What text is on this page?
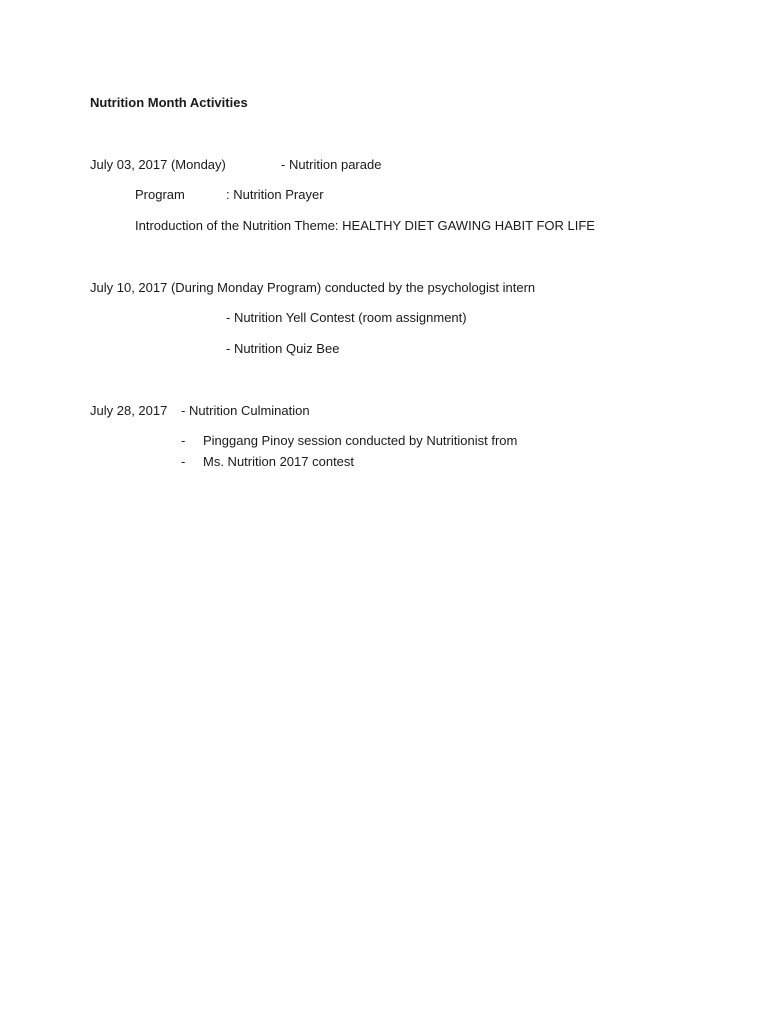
Nutrition Month Activities
July 03, 2017 (Monday)	- Nutrition parade
Program	: Nutrition Prayer
Introduction of the Nutrition Theme: HEALTHY DIET GAWING HABIT FOR LIFE
July 10, 2017 (During Monday Program) conducted by the psychologist intern
- Nutrition Yell Contest (room assignment)
- Nutrition Quiz Bee
July 28, 2017 - Nutrition Culmination
- Pinggang Pinoy session conducted by Nutritionist from
- Ms. Nutrition 2017 contest
